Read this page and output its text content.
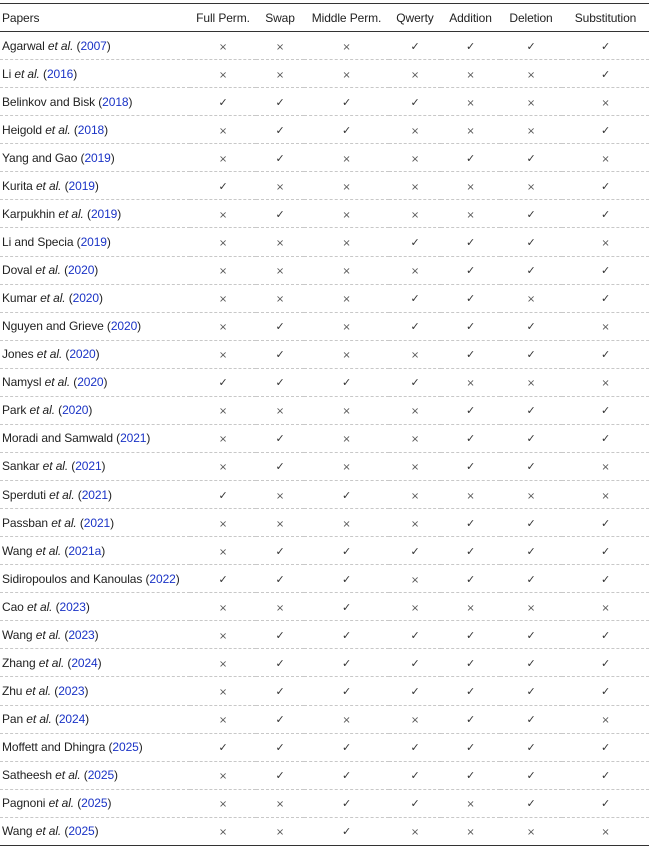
Papers	Full Perm.	Swap	Middle Perm.	Qwerty	Addition	Deletion	Substitution
Agarwal et al. (2007)	×	×	×	✓	✓	✓	✓
Li et al. (2016)	×	×	×	×	×	×	✓
Belinkov and Bisk (2018)	✓	✓	✓	✓	×	×	×
Heigold et al. (2018)	×	✓	✓	×	×	×	✓
Yang and Gao (2019)	×	✓	×	×	✓	✓	×
Kurita et al. (2019)	✓	×	×	×	×	×	✓
Karpukhin et al. (2019)	×	✓	×	×	×	✓	✓
Li and Specia (2019)	×	×	×	✓	✓	✓	×
Doval et al. (2020)	×	×	×	×	✓	✓	✓
Kumar et al. (2020)	×	×	×	✓	✓	×	✓
Nguyen and Grieve (2020)	×	✓	×	✓	✓	✓	×
Jones et al. (2020)	×	✓	×	×	✓	✓	✓
Namysl et al. (2020)	✓	✓	✓	✓	×	×	×
Park et al. (2020)	×	×	×	×	✓	✓	✓
Moradi and Samwald (2021)	×	✓	×	×	✓	✓	✓
Sankar et al. (2021)	×	✓	×	×	✓	✓	×
Sperduti et al. (2021)	✓	×	✓	×	×	×	×
Passban et al. (2021)	×	×	×	×	✓	✓	✓
Wang et al. (2021a)	×	✓	✓	✓	✓	✓	✓
Sidiropoulos and Kanoulas (2022)	✓	✓	✓	×	✓	✓	✓
Cao et al. (2023)	×	×	✓	×	×	×	×
Wang et al. (2023)	×	✓	✓	✓	✓	✓	✓
Zhang et al. (2024)	×	✓	✓	✓	✓	✓	✓
Zhu et al. (2023)	×	✓	✓	✓	✓	✓	✓
Pan et al. (2024)	×	✓	×	×	✓	✓	×
Moffett and Dhingra (2025)	✓	✓	✓	✓	✓	✓	✓
Satheesh et al. (2025)	×	✓	✓	✓	✓	✓	✓
Pagnoni et al. (2025)	×	×	✓	✓	×	✓	✓
Wang et al. (2025)	×	×	✓	×	×	×	×
